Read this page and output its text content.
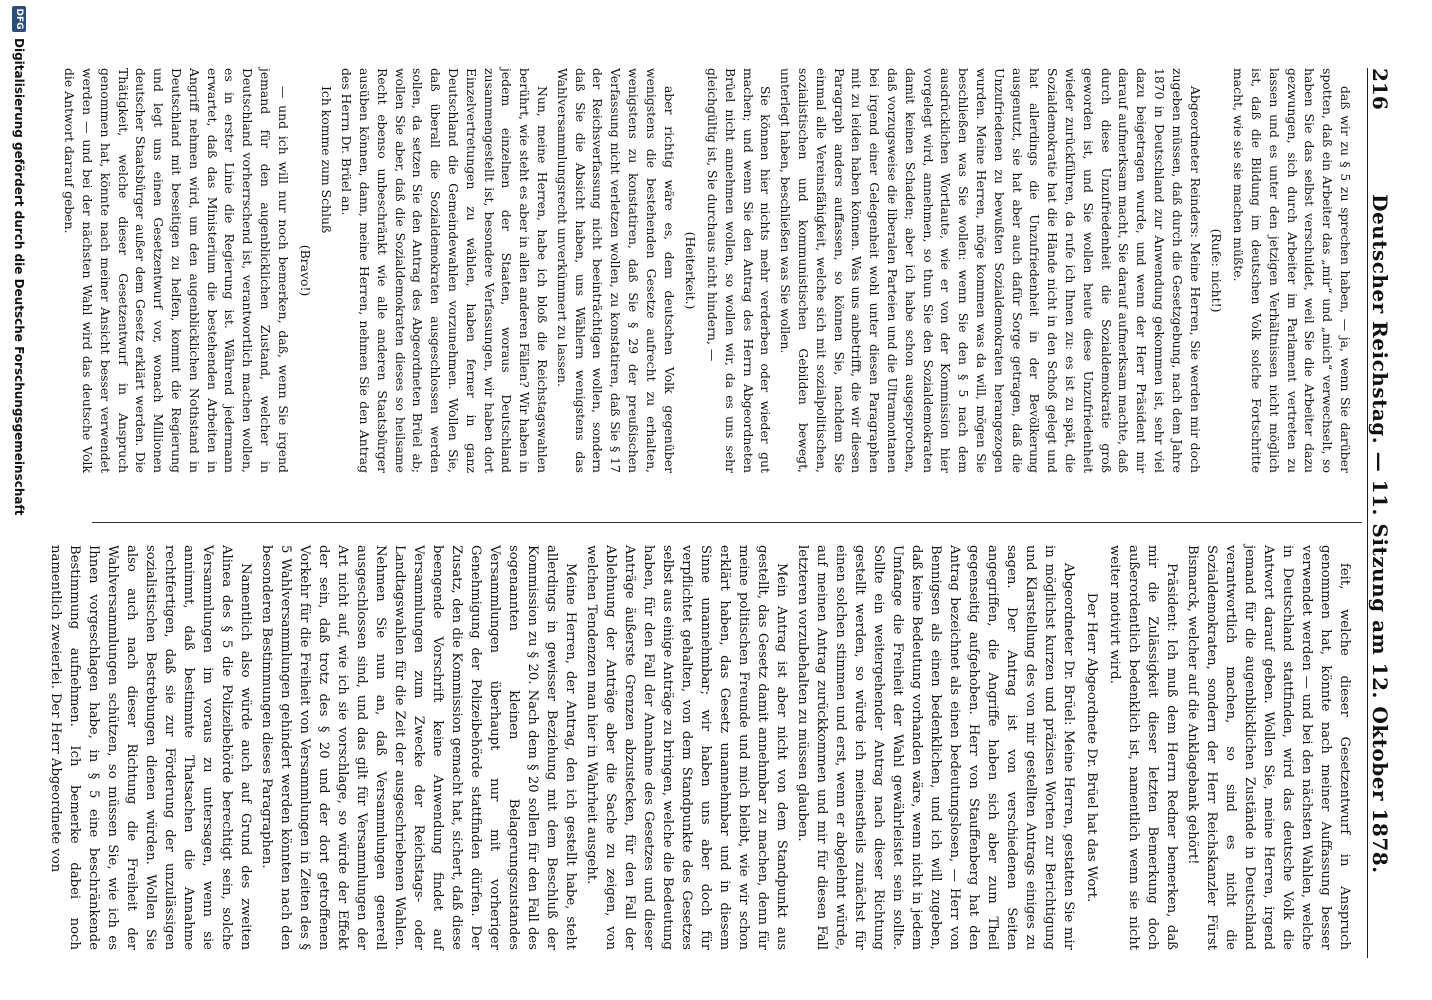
216
Deutscher Reichstag. — 11. Sitzung am 12. Oktober 1878.

daß wir zu § 5 zu sprechen haben, — ja, wenn Sie darüber spotten, daß ein Arbeiter das „mir“ und „mich“ verwechselt, so haben Sie das selbst verschuldet, weil Sie die Arbeiter dazu gezwungen, sich durch Arbeiter im Parlament vertreten zu lassen und es unter den jetzigen Verhältnissen nicht möglich ist, daß die Bildung im deutschen Volk solche Fortschritte macht, wie sie sie machen müßte.

(Rufe: nicht!)

Abgeordneter Reinders: Meine Herren, Sie werden mir doch zugeben müssen, daß durch die Gesetzgebung, nach dem Jahre 1870 in Deutschland zur Anwendung gekommen ist, sehr viel dazu beigetragen wurde, und wenn der Herr Präsident mir darauf aufmerksam macht, Sie darauf aufmerksam machte, daß durch diese Unzufriedenheit die Sozialdemokratie groß geworden ist, und Sie wollen heute diese Unzufriedenheit wieder zurückführen, da rufe ich Ihnen zu: es ist zu spät, die Sozialdemokratie hat die Hände nicht in den Schoß gelegt und hat allerdings die Unzufriedenheit in der Bevölkerung ausgenutzt, sie hat aber auch dafür Sorge getragen, daß die Unzufriedenen zu bewußten Sozialdemokraten herangezogen wurden. Meine Herren, möge kommen was da will, mögen Sie beschließen was Sie wollen: wenn Sie den § 5 nach dem ausdrücklichen Wortlaute, wie er von der Kommission hier vorgelegt wird, annehmen, so thun Sie den Sozialdemokraten damit keinen Schaden; aber ich habe schon ausgesprochen, daß vorzugsweise die liberalen Parteien und die Ultramontanen bei irgend einer Gelegenheit wohl unter diesen Paragraphen mit zu leiden haben können. Was uns anbetrifft, die wir diesen Paragraph anders auffassen, so können Sie, nachdem Sie einmal alle Vereinsfähigkeit, welche sich mit sozialpolitischen, sozialistischen und kommunistischen Gebilden bewegt, unterlegt haben, beschließen was Sie wollen.

Sie können hier nichts mehr verderben oder wieder gut machen; und wenn Sie den Antrag des Herrn Abgeordneten Brüel nicht annehmen wollen, so wollen wir, da es uns sehr gleichgültig ist, Sie durchaus nicht hindern, —

(Heiterkeit.)

aber richtig wäre es, dem deutschen Volk gegenüber wenigstens die bestehenden Gesetze aufrecht zu erhalten, wenigstens zu konstatiren, daß Sie § 29 der preußischen Verfassung nicht verletzen wollen, zu konstatiren, daß Sie § 17 der Reichsverfassung nicht beeinträchtigen wollen, sondern daß Sie die Absicht haben, uns Wählern wenigstens das Wahlversammlungsrecht unverkümmert zu lassen.

Nun, meine Herren, habe ich bloß die Reichstagswahlen berührt, wie steht es aber in allen anderen Fällen? Wir haben in jedem einzelnen der Staaten, woraus Deutschland zusammengestellt ist, besondere Verfassungen, wir haben dort Einzelvertretungen zu wählen, haben ferner in ganz Deutschland die Gemeindewahlen vorzunehmen. Wollen Sie, daß überall die Sozialdemokraten ausgeschlossen werden sollen, da setzen Sie den Antrag des Abgeordneten Brüel ab; wollen Sie aber, daß die Sozialdemokraten dieses so heilsame Recht ebenso unbeschränkt wie alle anderen Staatsbürger ausüben können, dann, meine Herren, nehmen Sie den Antrag des Herrn Dr. Brüel an.

Ich komme zum Schluß

(Bravo!)

— und ich will nur noch bemerken, daß, wenn Sie irgend jemand für den augenblicklichen Zustand, welcher in Deutschland vorherrschend ist, verantwortlich machen wollen, es in erster Linie die Regierung ist. Während jedermann erwartet, daß das Ministerium die bestehenden Arbeiten in Angriff nehmen wird, um den augenblicklichen Nothstand in Deutschland mit beseitigen zu helfen, kommt die Regierung und legt uns einen Gesetzentwurf vor, wonach Millionen deutscher Staatsbürger außer dem Gesetz erklärt werden. Die Thätigkeit, welche dieser Gesetzentwurf in Anspruch genommen hat, könnte nach meiner Ansicht besser verwendet werden — und bei der nächsten Wahl wird das deutsche Volk die Antwort darauf geben.

feit, welche dieser Gesetzentwurf in Anspruch genommen hat, könnte nach meiner Auffassung besser verwendet werden — und bei den nächsten Wahlen, welche in Deutschland stattfinden, wird das deutsche Volk die Antwort darauf geben. Wollen Sie, meine Herren, irgend jemand für die augenblicklichen Zustände in Deutschland verantwortlich machen, so sind es nicht die Sozialdemokraten, sondern der Herr Reichskanzler Fürst Bismarck, welcher auf die Anklagebank gehört!

Präsident: Ich muß dem Herrn Redner bemerken, daß mir die Zulässigkeit dieser letzten Bemerkung doch außerordentlich bedenklich ist, namentlich wenn sie nicht weiter motivirt wird.

Der Herr Abgeordnete Dr. Brüel hat das Wort.

Abgeordneter Dr. Brüel: Meine Herren, gestatten Sie mir in möglichst kurzen und präzisen Worten zur Berichtigung und Klarstellung des von mir gestellten Antrags einiges zu sagen. Der Antrag ist von verschiedenen Seiten angegriffen, die Angriffe haben sich aber zum Theil gegenseitig aufgehoben. Herr von Stauffenberg hat den Antrag bezeichnet als einen bedeutungslosen, — Herr von Bennigsen als einen bedenklichen, und ich will zugeben, daß keine Bedeutung vorhanden wäre, wenn nicht in jedem Umfange die Freiheit der Wahl gewährleistet sein sollte. Sollte ein weitergehender Antrag nach dieser Richtung gestellt werden, so würde ich meinestheils zunächst für einen solchen stimmen und erst, wenn er abgelehnt würde, auf meinen Antrag zurückkommen und mir für diesen Fall letzteren vorzubehalten zu müssen glauben.

Mein Antrag ist aber nicht von dem Standpunkt aus gestellt, das Gesetz damit annehmbar zu machen, denn für meine politischen Freunde und mich bleibt, wie wir schon erklärt haben, das Gesetz unannehmbar und in diesem Sinne unannehmbar; wir haben uns aber doch für verpflichtet gehalten, von dem Standpunkte des Gesetzes selbst aus einige Anträge zu bringen, welche die Bedeutung haben, für den Fall der Annahme des Gesetzes und dieser Anträge äußerste Grenzen abzustecken, für den Fall der Ablehnung der Anträge aber die Sache zu zeigen, von welchen Tendenzen man hier in Wahrheit ausgeht.

Meine Herren, der Antrag, den ich gestellt habe, steht allerdings in gewisser Beziehung mit dem Beschluß der Kommission zu § 20. Nach dem § 20 sollen für den Fall des sogenannten kleinen Belagerungszustandes Versammlungen überhaupt nur mit vorheriger Genehmigung der Polizeibehörde stattfinden dürfen. Der Zusatz, den die Kommission gemacht hat, sichert, daß diese beengende Vorschrift keine Anwendung findet auf Versammlungen zum Zwecke der Reichstags- oder Landtagswahlen für die Zeit der ausgeschriebenen Wahlen. Nehmen Sie nun an, daß Versammlungen generell ausgeschlossen sind, und das gilt für Versammlungen der Art nicht auf, wie ich sie vorschlage, so würde der Effekt der sein, daß trotz des § 20 und der dort getroffenen Vorkehr für die Freiheit von Versammlungen in Zeiten des § 5 Wahlversammlungen gehindert werden könnten nach den besonderen Bestimmungen dieses Paragraphen.

Namentlich also würde auch auf Grund des zweiten Alinea des § 5 die Polizeibehörde berechtigt sein, solche Versammlungen im voraus zu untersagen, wenn sie annimmt, daß bestimmte Thatsachen die Annahme rechtfertigen, daß sie zur Förderung der unzulässigen sozialistischen Bestrebungen dienen würden. Wollen Sie also auch nach dieser Richtung die Freiheit der Wahlversammlungen schützen, so müssen Sie, wie ich es Ihnen vorgeschlagen habe, in § 5 eine beschränkende Bestimmung aufnehmen. Ich bemerke dabei noch namentlich zweierlei. Der Herr Abgeordnete von

DFG
Digitalisierung gefördert durch die Deutsche Forschungsgemeinschaft
